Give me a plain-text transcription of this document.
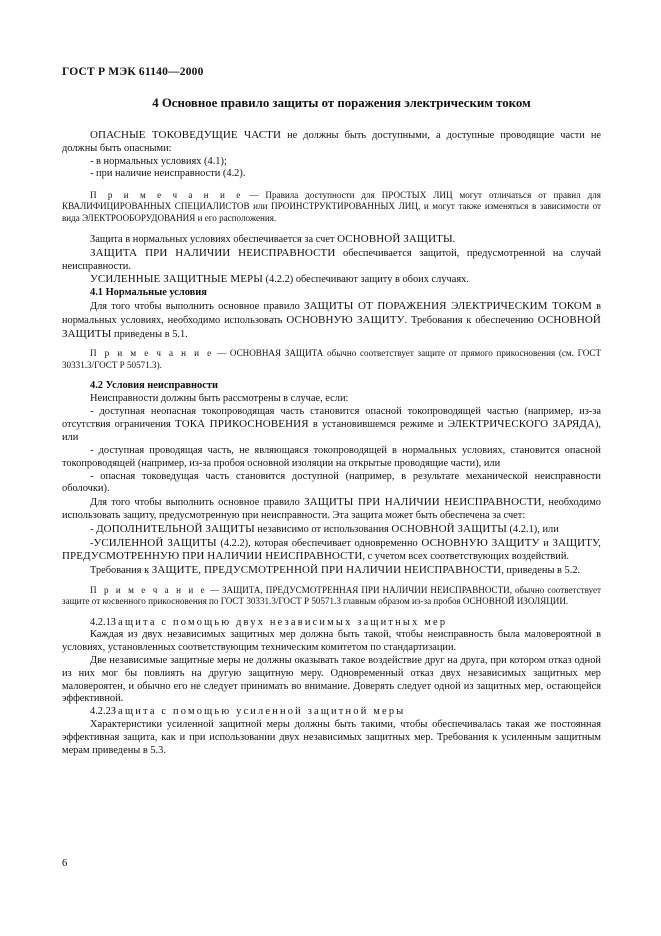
ГОСТ Р МЭК 61140—2000
4 Основное правило защиты от поражения электрическим током

ОПАСНЫЕ ТОКОВЕДУЩИЕ ЧАСТИ не должны быть доступными, а доступные проводящие части не должны быть опасными:

- в нормальных условиях (4.1);

- при наличие неисправности (4.2).

П р и м е ч а н и е — Правила доступности для ПРОСТЫХ ЛИЦ могут отличаться от правил для КВАЛИФИЦИРОВАННЫХ СПЕЦИАЛИСТОВ или ПРОИНСТРУКТИРОВАННЫХ ЛИЦ, и могут также изменяться в зависимости от вида ЭЛЕКТРООБОРУДОВАНИЯ и его расположения.

Защита в нормальных условиях обеспечивается за счет ОСНОВНОЙ ЗАЩИТЫ.

ЗАЩИТА ПРИ НАЛИЧИИ НЕИСПРАВНОСТИ обеспечивается защитой, предусмотренной на случай неисправности.

УСИЛЕННЫЕ ЗАЩИТНЫЕ МЕРЫ (4.2.2) обеспечивают защиту в обоих случаях.

4.1 Нормальные условия

Для того чтобы выполнить основное правило ЗАЩИТЫ ОТ ПОРАЖЕНИЯ ЭЛЕКТРИЧЕСКИМ ТОКОМ в нормальных условиях, необходимо использовать ОСНОВНУЮ ЗАЩИТУ. Требования к обеспечению ОСНОВНОЙ ЗАЩИТЫ приведены в 5.1.

П р и м е ч а н и е — ОСНОВНАЯ ЗАЩИТА обычно соответствует защите от прямого прикосновения (см. ГОСТ 30331.3/ГОСТ Р 50571.3).

4.2 Условия неисправности

Неисправности должны быть рассмотрены в случае, если:

- доступная неопасная токопроводящая часть становится опасной токопроводящей частью (например, из-за отсутствия ограничения ТОКА ПРИКОСНОВЕНИЯ в установившемся режиме и ЭЛЕКТРИЧЕСКОГО ЗАРЯДА), или

- доступная проводящая часть, не являющаяся токопроводящей в нормальных условиях, становится опасной токопроводящей (например, из-за пробоя основной изоляции на открытые проводящие части), или

- опасная токоведущая часть становится доступной (например, в результате механической неисправности оболочки).

Для того чтобы выполнить основное правило ЗАЩИТЫ ПРИ НАЛИЧИИ НЕИСПРАВНОСТИ, необходимо использовать защиту, предусмотренную при неисправности. Эта защита может быть обеспечена за счет:

- ДОПОЛНИТЕЛЬНОЙ ЗАЩИТЫ независимо от использования ОСНОВНОЙ ЗАЩИТЫ (4.2.1), или

-УСИЛЕННОЙ ЗАЩИТЫ (4.2.2), которая обеспечивает одновременно ОСНОВНУЮ ЗАЩИТУ и ЗАЩИТУ, ПРЕДУСМОТРЕННУЮ ПРИ НАЛИЧИИ НЕИСПРАВНОСТИ, с учетом всех соответствующих воздействий.

Требования к ЗАЩИТЕ, ПРЕДУСМОТРЕННОЙ ПРИ НАЛИЧИИ НЕИСПРАВНОСТИ, приведены в 5.2.

П р и м е ч а н и е — ЗАЩИТА, ПРЕДУСМОТРЕННАЯ ПРИ НАЛИЧИИ НЕИСПРАВНОСТИ, обычно соответствует защите от косвенного прикосновения по ГОСТ 30331.3/ГОСТ Р 50571.3 главным образом из-за пробоя ОСНОВНОЙ ИЗОЛЯЦИИ.

4.2.1Защита с помощью двух независимых защитных мер

Каждая из двух независимых защитных мер должна быть такой, чтобы неисправность была маловероятной в условиях, установленных соответствующим техническим комитетом по стандартизации.

Две независимые защитные меры не должны оказывать такое воздействие друг на друга, при котором отказ одной из них мог бы повлиять на другую защитную меру. Одновременный отказ двух независимых защитных мер маловероятен, и обычно его не следует принимать во внимание. Доверять следует одной из защитных мер, остающейся эффективной.

4.2.2Защита с помощью усиленной защитной меры

Характеристики усиленной защитной меры должны быть такими, чтобы обеспечивалась такая же постоянная эффективная защита, как и при использовании двух независимых защитных мер. Требования к усиленным защитным мерам приведены в 5.3.

6
